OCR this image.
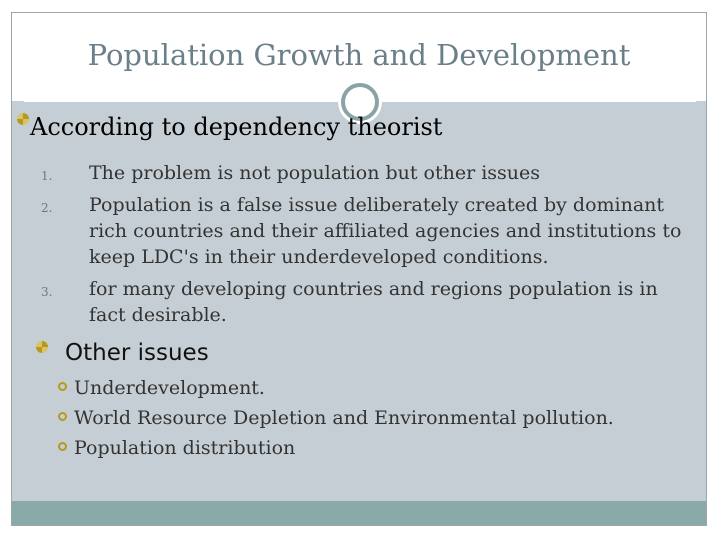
Population Growth and Development
According to dependency theorist
1. The problem is not population but other issues
2. Population is a false issue deliberately created by dominant rich countries and their affiliated agencies and institutions to keep LDC's in their underdeveloped conditions.
3. for many developing countries and regions population is in fact desirable.
Other issues
Underdevelopment.
World Resource Depletion and Environmental pollution.
Population distribution
